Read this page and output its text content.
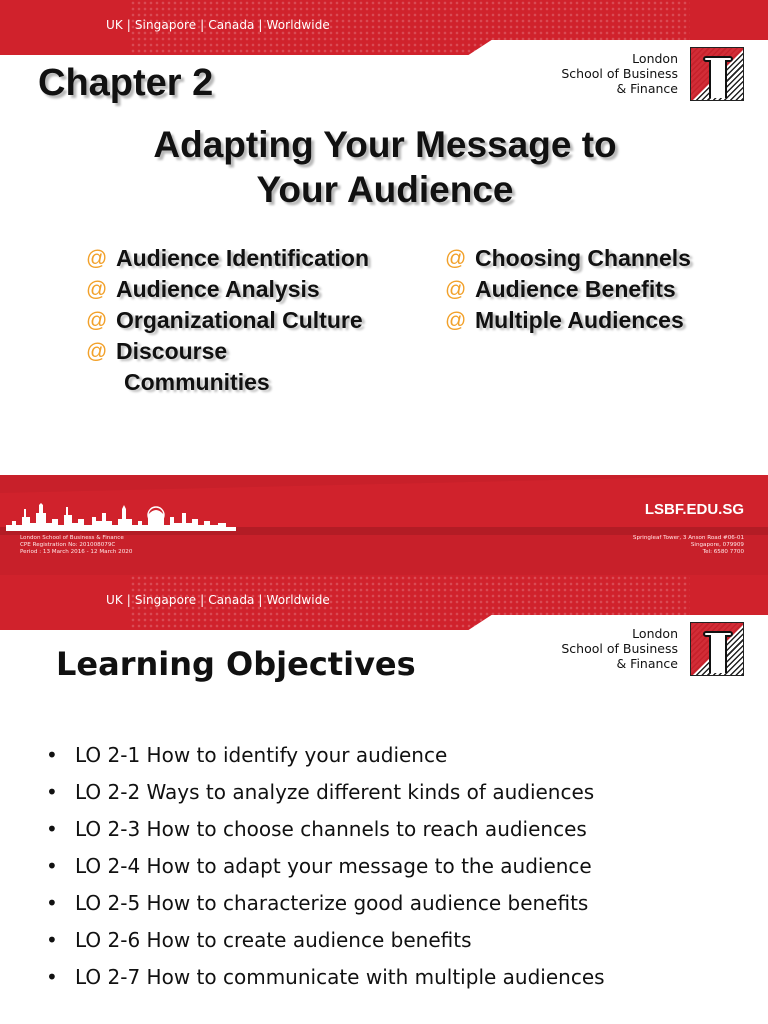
UK | Singapore | Canada | Worldwide
London
School of Business
& Finance
Chapter 2
Adapting Your Message to
Your Audience
@ Audience Identification
@ Audience Analysis
@ Organizational Culture
@ Discourse
Communities
@ Choosing Channels
@ Audience Benefits
@ Multiple Audiences
LSBF.EDU.SG
London School of Business & Finance
CPE Registration No: 201008079C
Period : 13 March 2016 - 12 March 2020
Springleaf Tower, 3 Anson Road #06-01
Singapore, 079909
Tel: 6580 7700
UK | Singapore | Canada | Worldwide
London
School of Business
& Finance
Learning Objectives
• LO 2-1 How to identify your audience
• LO 2-2 Ways to analyze different kinds of audiences
• LO 2-3 How to choose channels to reach audiences
• LO 2-4 How to adapt your message to the audience
• LO 2-5 How to characterize good audience benefits
• LO 2-6 How to create audience benefits
• LO 2-7 How to communicate with multiple audiences
